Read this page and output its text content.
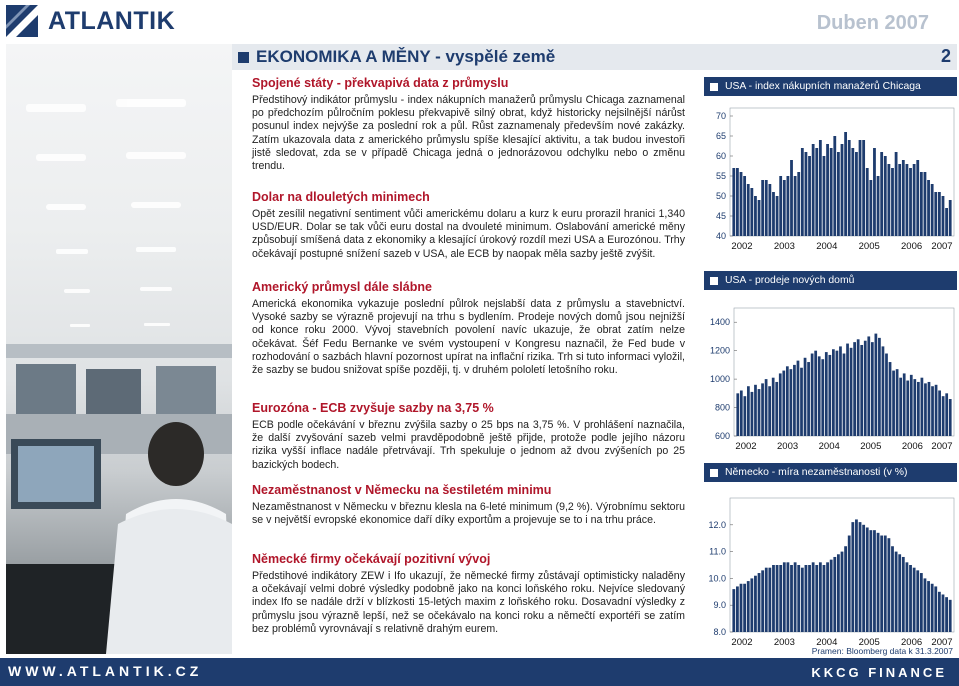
ATLANTIK	Duben 2007
EKONOMIKA A MĚNY - vyspělé země	2
Spojené státy - překvapivá data z průmyslu

Předstihový indikátor průmyslu - index nákupních manažerů průmyslu Chicaga zaznamenal po předchozím půlročním poklesu překvapivě silný obrat, když historicky nejsilnější nárůst posunul index nejvýše za poslední rok a půl. Růst zaznamenaly především nové zakázky. Zatím ukazovala data z amerického průmyslu spíše klesající aktivitu, a tak budou investoři jistě sledovat, zda se v případě Chicaga jedná o jednorázovou odchylku nebo o změnu trendu.

Dolar na dlouletých minimech

Opět zesílil negativní sentiment vůči americkému dolaru a kurz k euru prorazil hranici 1,340 USD/EUR. Dolar se tak vůči euru dostal na dvouleté minimum. Oslabování americké měny způsobují smíšená data z ekonomiky a klesající úrokový rozdíl mezi USA a Eurozónou. Trhy očekávají postupné snížení sazeb v USA, ale ECB by naopak měla sazby ještě zvýšit.

Americký průmysl dále slábne

Americká ekonomika vykazuje poslední půlrok nejslabší data z průmyslu a stavebnictví. Vysoké sazby se výrazně projevují na trhu s bydlením. Prodeje nových domů jsou nejnižší od konce roku 2000. Vývoj stavebních povolení navíc ukazuje, že obrat zatím nelze očekávat. Šéf Fedu Bernanke ve svém vystoupení v Kongresu naznačil, že Fed bude v rozhodování o sazbách hlavní pozornost upírat na inflační rizika. Trh si tuto informaci vyložil, že sazby se budou snižovat spíše později, tj. v druhém pololetí letošního roku.

Eurozóna - ECB zvyšuje sazby na 3,75 %

ECB podle očekávání v březnu zvýšila sazby o 25 bps na 3,75 %. V prohlášení naznačila, že další zvyšování sazeb velmi pravděpodobně ještě přijde, protože podle jejího názoru rizika vyšší inflace nadále přetrvávají. Trh spekuluje o jednom až dvou zvýšeních po 25 bazických bodech.

Nezaměstnanost v Německu na šestiletém minimu

Nezaměstnanost v Německu v březnu klesla na 6-leté minimum (9,2 %). Výrobnímu sektoru se v největší evropské ekonomice daří díky exportům a projevuje se to i na trhu práce.

Německé firmy očekávají pozitivní vývoj

Předstihové indikátory ZEW i Ifo ukazují, že německé firmy zůstávají optimisticky naladěny a očekávají velmi dobré výsledky podobně jako na konci loňského roku. Nejvíce sledovaný index Ifo se nadále drží v blízkosti 15-letých maxim z loňského roku. Dosavadní výsledky z průmyslu jsou výrazně lepší, než se očekávalo na konci roku a němečtí exportéři se zatím bez problémů vyrovnávají s relativně drahým eurem.

USA - index nákupních manažerů Chicaga
40
45
50
55
60
65
70
2002 2003 2004 2005 2006 2007
USA - prodeje nových domů
600
800
1000
1200
1400
2002 2003 2004 2005 2006 2007
Německo - míra nezaměstnanosti (v %)
8.0
9.0
10.0
11.0
12.0
2002 2003 2004 2005 2006 2007
Pramen: Bloomberg data k 31.3.2007
WWW.ATLANTIK.CZ	KKCG FINANCE
